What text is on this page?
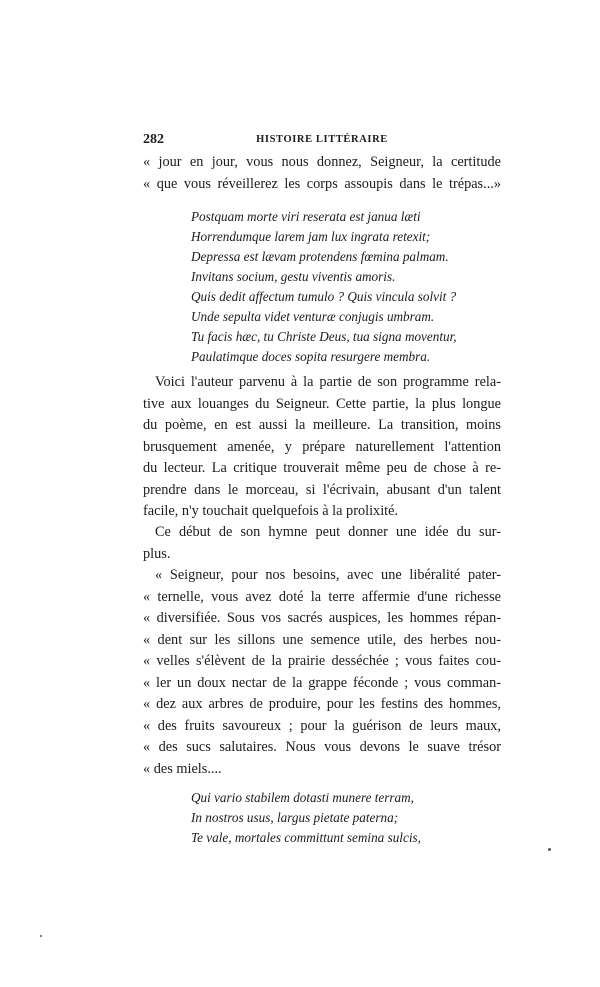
282	HISTOIRE LITTÉRAIRE
« jour en jour, vous nous donnez, Seigneur, la certitude
« que vous réveillerez les corps assoupis dans le trépas...»
Postquam morte viri reserata est janua læti
Horrendumque larem jam lux ingrata retexit;
Depressa est lævam protendens fœmina palmam.
Invitans socium, gestu viventis amoris.
Quis dedit affectum tumulo ? Quis vincula solvit ?
Unde sepulta videt venturæ conjugis umbram.
Tu facis hæc, tu Christe Deus, tua signa moventur,
Paulatimque doces sopita resurgere membra.
Voici l'auteur parvenu à la partie de son programme rela-
tive aux louanges du Seigneur. Cette partie, la plus longue
du poème, en est aussi la meilleure. La transition, moins
brusquement amenée, y prépare naturellement l'attention
du lecteur. La critique trouverait même peu de chose à re-
prendre dans le morceau, si l'écrivain, abusant d'un talent
facile, n'y touchait quelquefois à la prolixité.
Ce début de son hymne peut donner une idée du sur-
plus.
« Seigneur, pour nos besoins, avec une libéralité pater-
« ternelle, vous avez doté la terre affermie d'une richesse
« diversifiée. Sous vos sacrés auspices, les hommes répan-
« dent sur les sillons une semence utile, des herbes nou-
« velles s'élèvent de la prairie desséchée ; vous faites cou-
« ler un doux nectar de la grappe féconde ; vous comman-
« dez aux arbres de produire, pour les festins des hommes,
« des fruits savoureux ; pour la guérison de leurs maux,
« des sucs salutaires. Nous vous devons le suave trésor
« des miels....
Qui vario stabilem dotasti munere terram,
In nostros usus, largus pietate paterna;
Te vale, mortales committunt semina sulcis,
